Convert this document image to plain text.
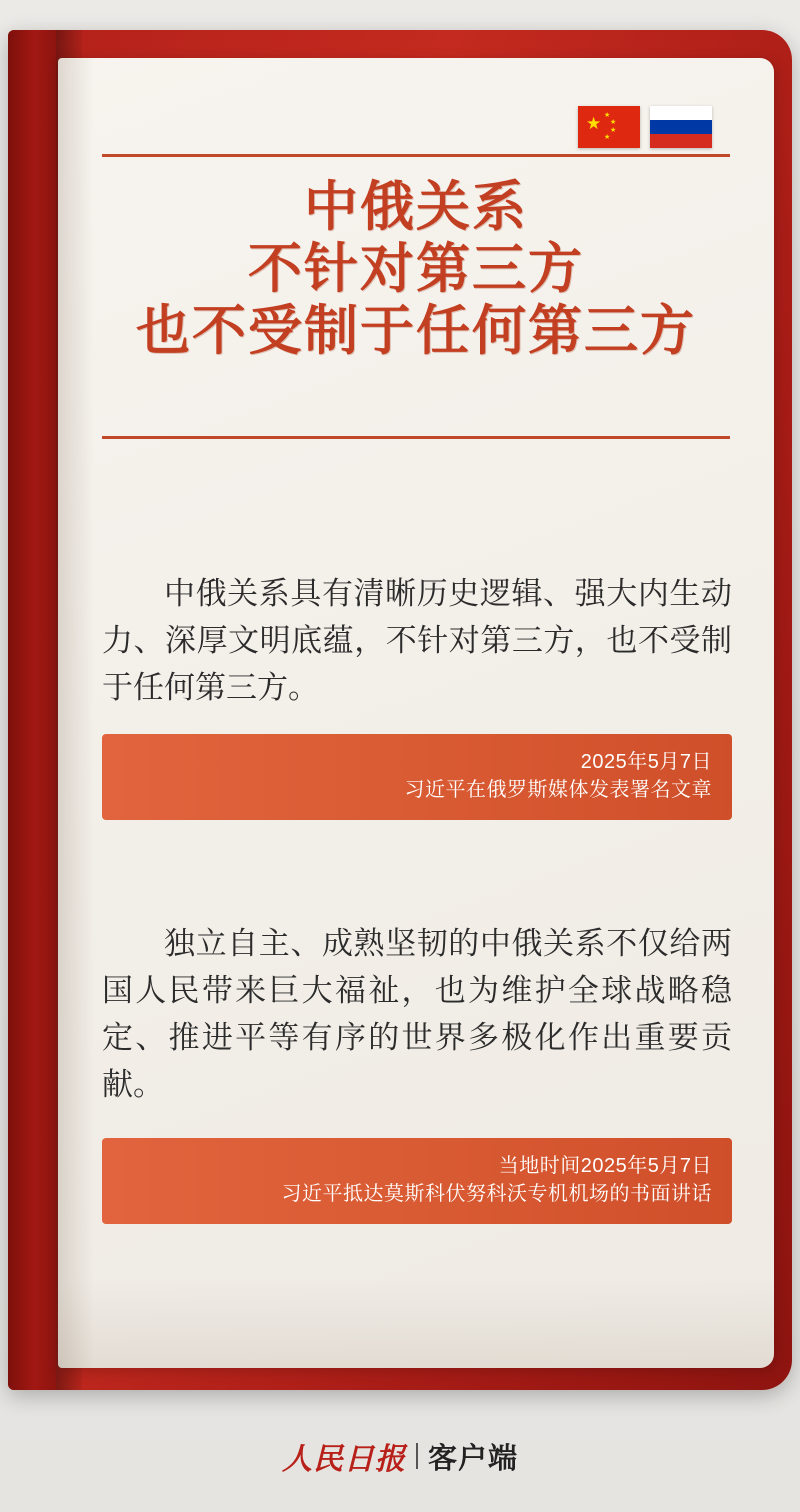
★ ★
★
★
★
中俄关系
不针对第三方
也不受制于任何第三方
中俄关系具有清晰历史逻辑、强大内生动力、深厚文明底蕴，不针对第三方，也不受制于任何第三方。
2025年5月7日
习近平在俄罗斯媒体发表署名文章
独立自主、成熟坚韧的中俄关系不仅给两国人民带来巨大福祉，也为维护全球战略稳定、推进平等有序的世界多极化作出重要贡献。
当地时间2025年5月7日
习近平抵达莫斯科伏努科沃专机机场的书面讲话
人民日报 客户端
